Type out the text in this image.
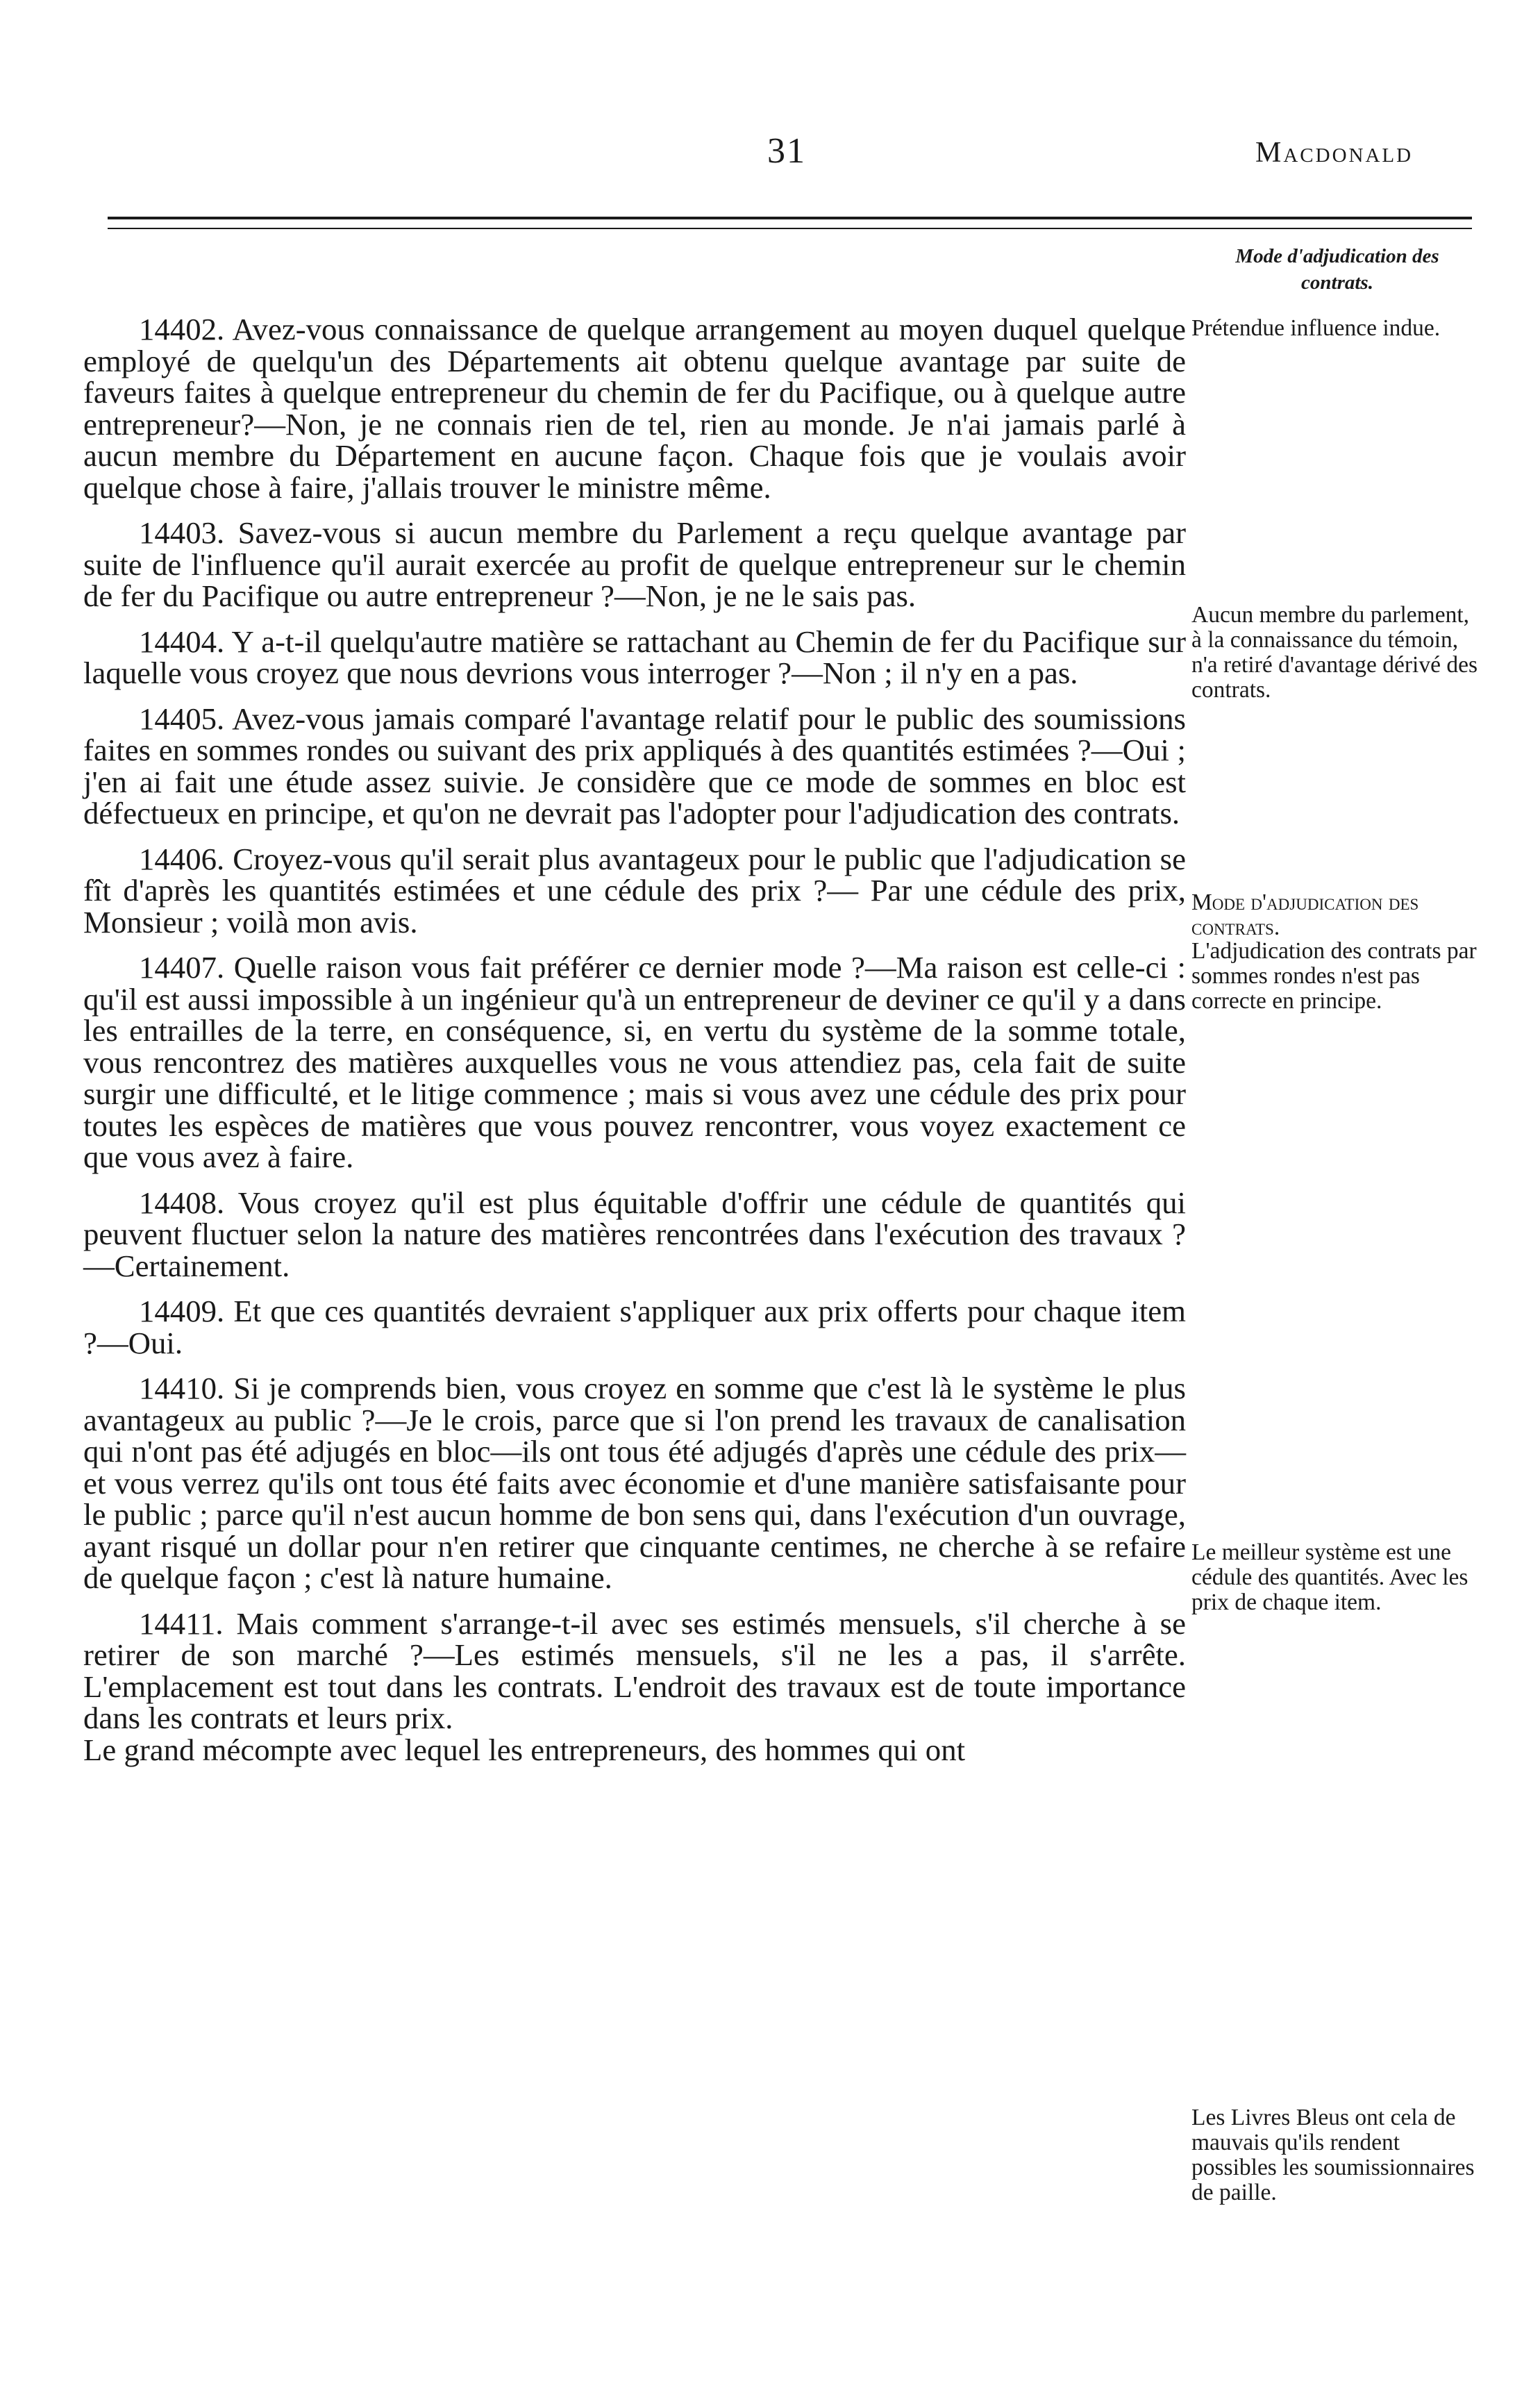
31	Macdonald
Mode d'adjudication des contrats.

14402. Avez-vous connaissance de quelque arrangement au moyen duquel quelque employé de quelqu'un des Départements ait obtenu quelque avantage par suite de faveurs faites à quelque entrepreneur du chemin de fer du Pacifique, ou à quelque autre entrepreneur?—Non, je ne connais rien de tel, rien au monde. Je n'ai jamais parlé à aucun membre du Département en aucune façon. Chaque fois que je voulais avoir quelque chose à faire, j'allais trouver le ministre même.

14403. Savez-vous si aucun membre du Parlement a reçu quelque avantage par suite de l'influence qu'il aurait exercée au profit de quelque entrepreneur sur le chemin de fer du Pacifique ou autre entrepreneur ?—Non, je ne le sais pas.

14404. Y a-t-il quelqu'autre matière se rattachant au Chemin de fer du Pacifique sur laquelle vous croyez que nous devrions vous interroger ?—Non ; il n'y en a pas.

14405. Avez-vous jamais comparé l'avantage relatif pour le public des soumissions faites en sommes rondes ou suivant des prix appliqués à des quantités estimées ?—Oui ; j'en ai fait une étude assez suivie. Je considère que ce mode de sommes en bloc est défectueux en principe, et qu'on ne devrait pas l'adopter pour l'adjudication des contrats.

14406. Croyez-vous qu'il serait plus avantageux pour le public que l'adjudication se fît d'après les quantités estimées et une cédule des prix ?— Par une cédule des prix, Monsieur ; voilà mon avis.

14407. Quelle raison vous fait préférer ce dernier mode ?—Ma raison est celle-ci : qu'il est aussi impossible à un ingénieur qu'à un entrepreneur de deviner ce qu'il y a dans les entrailles de la terre, en conséquence, si, en vertu du système de la somme totale, vous rencontrez des matières auxquelles vous ne vous attendiez pas, cela fait de suite surgir une difficulté, et le litige commence ; mais si vous avez une cédule des prix pour toutes les espèces de matières que vous pouvez rencontrer, vous voyez exactement ce que vous avez à faire.

14408. Vous croyez qu'il est plus équitable d'offrir une cédule de quantités qui peuvent fluctuer selon la nature des matières rencontrées dans l'exécution des travaux ?—Certainement.

14409. Et que ces quantités devraient s'appliquer aux prix offerts pour chaque item ?—Oui.

14410. Si je comprends bien, vous croyez en somme que c'est là le système le plus avantageux au public ?—Je le crois, parce que si l'on prend les travaux de canalisation qui n'ont pas été adjugés en bloc—ils ont tous été adjugés d'après une cédule des prix—et vous verrez qu'ils ont tous été faits avec économie et d'une manière satisfaisante pour le public ; parce qu'il n'est aucun homme de bon sens qui, dans l'exécution d'un ouvrage, ayant risqué un dollar pour n'en retirer que cinquante centimes, ne cherche à se refaire de quelque façon ; c'est là nature humaine.

14411. Mais comment s'arrange-t-il avec ses estimés mensuels, s'il cherche à se retirer de son marché ?—Les estimés mensuels, s'il ne les a pas, il s'arrête. L'emplacement est tout dans les contrats. L'endroit des travaux est de toute importance dans les contrats et leurs prix.

Le grand mécompte avec lequel les entrepreneurs, des hommes qui ont

Prétendue influence indue.
Aucun membre du parlement, à la connaissance du témoin, n'a retiré d'avantage dérivé des contrats.
Mode d'adjudication des contrats.
L'adjudication des contrats par sommes rondes n'est pas correcte en principe.
Le meilleur système est une cédule des quantités. Avec les prix de chaque item.
Les Livres Bleus ont cela de mauvais qu'ils rendent possibles les soumissionnaires de paille.
